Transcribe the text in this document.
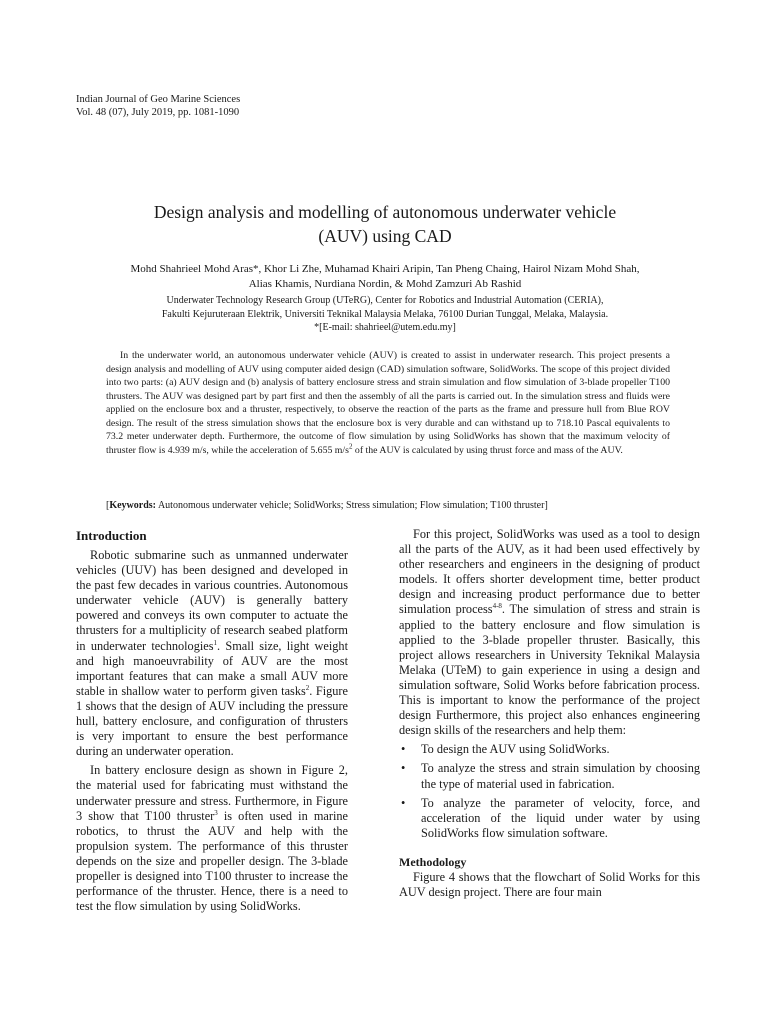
Indian Journal of Geo Marine Sciences
Vol. 48 (07), July 2019, pp. 1081-1090
Design analysis and modelling of autonomous underwater vehicle
(AUV) using CAD
Mohd Shahrieel Mohd Aras*, Khor Li Zhe, Muhamad Khairi Aripin, Tan Pheng Chaing, Hairol Nizam Mohd Shah,
Alias Khamis, Nurdiana Nordin, & Mohd Zamzuri Ab Rashid
Underwater Technology Research Group (UTeRG), Center for Robotics and Industrial Automation (CERIA),
Fakulti Kejuruteraan Elektrik, Universiti Teknikal Malaysia Melaka, 76100 Durian Tunggal, Melaka, Malaysia.
*[E-mail: shahrieel@utem.edu.my]

In the underwater world, an autonomous underwater vehicle (AUV) is created to assist in underwater research. This project presents a design analysis and modelling of AUV using computer aided design (CAD) simulation software, SolidWorks. The scope of this project divided into two parts: (a) AUV design and (b) analysis of battery enclosure stress and strain simulation and flow simulation of 3-blade propeller T100 thrusters. The AUV was designed part by part first and then the assembly of all the parts is carried out. In the simulation stress and fluids were applied on the enclosure box and a thruster, respectively, to observe the reaction of the parts as the frame and pressure hull from Blue ROV design. The result of the stress simulation shows that the enclosure box is very durable and can withstand up to 718.10 Pascal equivalents to 73.2 meter underwater depth. Furthermore, the outcome of flow simulation by using SolidWorks has shown that the maximum velocity of thruster flow is 4.939 m/s, while the acceleration of 5.655 $m/s^2$ of the AUV is calculated by using thrust force and mass of the AUV.

[Keywords: Autonomous underwater vehicle; SolidWorks; Stress simulation; Flow simulation; T100 thruster]
Introduction

Robotic submarine such as unmanned underwater vehicles (UUV) has been designed and developed in the past few decades in various countries. Autonomous underwater vehicle (AUV) is generally battery powered and conveys its own computer to actuate the thrusters for a multiplicity of research seabed platform in underwater technologies$^1$. Small size, light weight and high manoeuvrability of AUV are the most important features that can make a small AUV more stable in shallow water to perform given tasks$^2$. Figure 1 shows that the design of AUV including the pressure hull, battery enclosure, and configuration of thrusters is very important to ensure the best performance during an underwater operation.

In battery enclosure design as shown in Figure 2, the material used for fabricating must withstand the underwater pressure and stress. Furthermore, in Figure 3 show that T100 thruster$^3$ is often used in marine robotics, to thrust the AUV and help with the propulsion system. The performance of this thruster depends on the size and propeller design. The 3-blade propeller is designed into T100 thruster to increase the performance of the thruster. Hence, there is a need to test the flow simulation by using SolidWorks.

For this project, SolidWorks was used as a tool to design all the parts of the AUV, as it had been used effectively by other researchers and engineers in the designing of product models. It offers shorter development time, better product design and increasing product performance due to better simulation process$^{4-8}$. The simulation of stress and strain is applied to the battery enclosure and flow simulation is applied to the 3-blade propeller thruster. Basically, this project allows researchers in University Teknikal Malaysia Melaka (UTeM) to gain experience in using a design and simulation software, Solid Works before fabrication process. This is important to know the performance of the project design Furthermore, this project also enhances engineering design skills of the researchers and help them:

• To design the AUV using SolidWorks.
• To analyze the stress and strain simulation by choosing the type of material used in fabrication.
• To analyze the parameter of velocity, force, and acceleration of the liquid under water by using SolidWorks flow simulation software.
Methodology

Figure 4 shows that the flowchart of Solid Works for this AUV design project. There are four main
